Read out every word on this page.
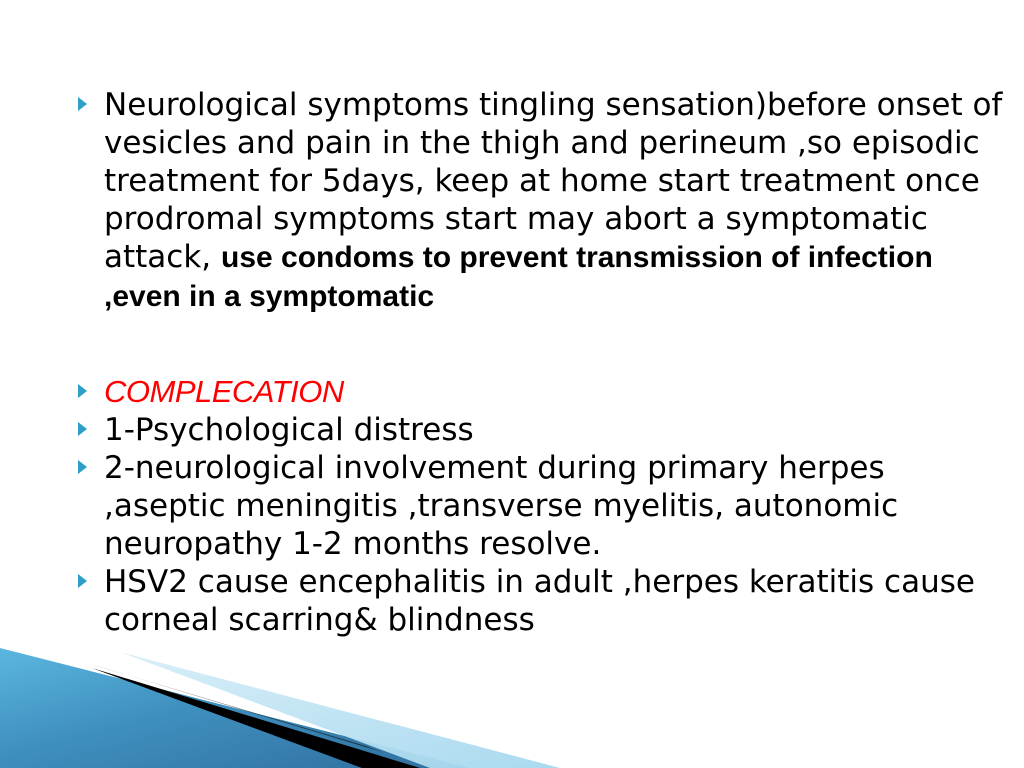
Neurological symptoms tingling sensation)before onset of vesicles and pain in the thigh and perineum ,so episodic treatment for 5days, keep at home start treatment once prodromal symptoms start may abort a symptomatic attack, use condoms to prevent transmission of infection ,even in a symptomatic
COMPLECATION
1-Psychological distress
2-neurological involvement during primary herpes ,aseptic meningitis ,transverse myelitis, autonomic neuropathy 1-2 months resolve.
HSV2 cause encephalitis in adult ,herpes keratitis cause corneal scarring& blindness
